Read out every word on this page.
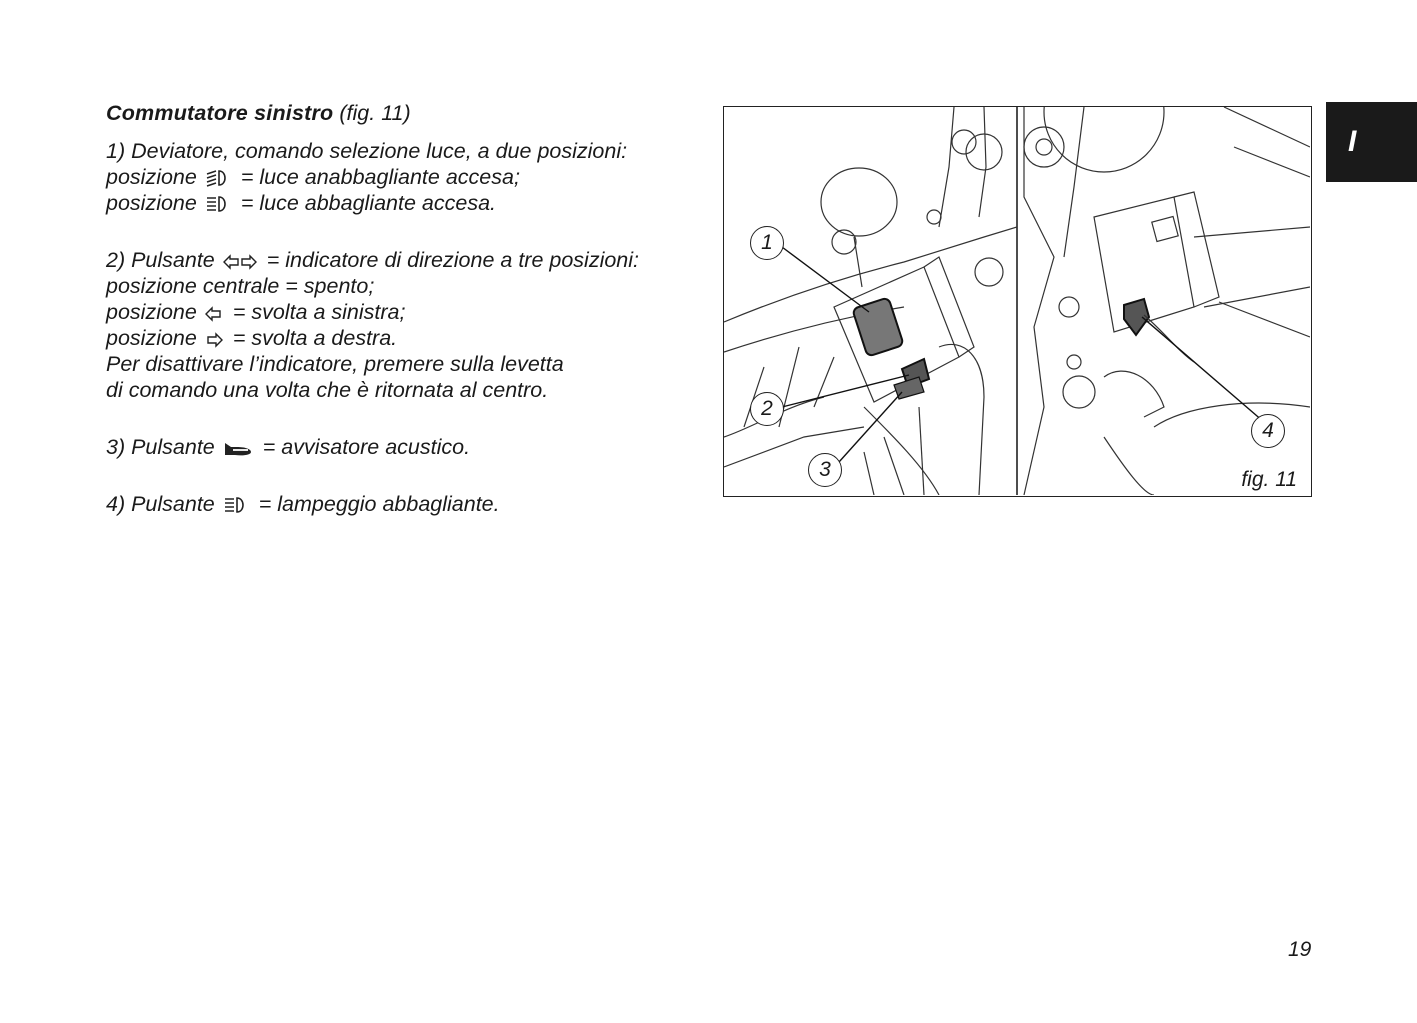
Commutatore sinistro (fig. 11)
1) Deviatore, comando selezione luce, a due posizioni:
posizione = luce anabbagliante accesa;
posizione = luce abbagliante accesa.
2) Pulsante = indicatore di direzione a tre posizioni:
posizione centrale = spento;
posizione = svolta a sinistra;
posizione = svolta a destra.
Per disattivare l’indicatore, premere sulla levetta
di comando una volta che è ritornata al centro.
3) Pulsante = avvisatore acustico.
4) Pulsante = lampeggio abbagliante.
1
2
3
4
fig. 11
I
19
